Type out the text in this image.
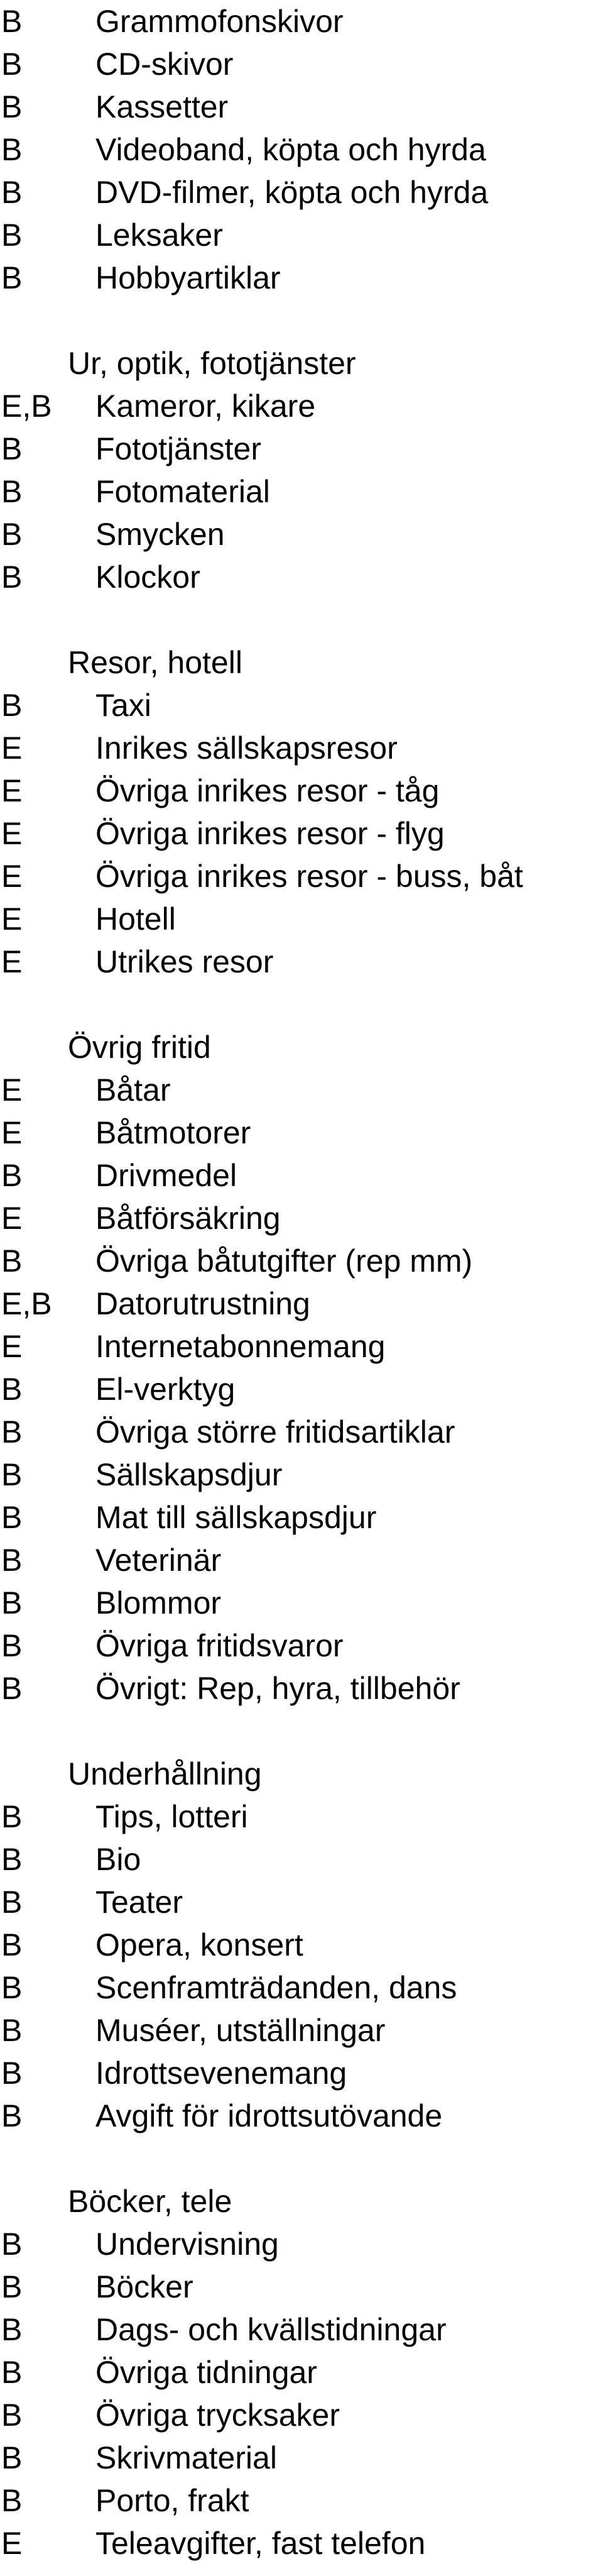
B Grammofonskivor
B CD-skivor
B Kassetter
B Videoband, köpta och hyrda
B DVD-filmer, köpta och hyrda
B Leksaker
B Hobbyartiklar
Ur, optik, fototjänster
E,B Kameror, kikare
B Fototjänster
B Fotomaterial
B Smycken
B Klockor
Resor, hotell
B Taxi
E Inrikes sällskapsresor
E Övriga inrikes resor - tåg
E Övriga inrikes resor - flyg
E Övriga inrikes resor - buss, båt
E Hotell
E Utrikes resor
Övrig fritid
E Båtar
E Båtmotorer
B Drivmedel
E Båtförsäkring
B Övriga båtutgifter (rep mm)
E,B Datorutrustning
E Internetabonnemang
B El-verktyg
B Övriga större fritidsartiklar
B Sällskapsdjur
B Mat till sällskapsdjur
B Veterinär
B Blommor
B Övriga fritidsvaror
B Övrigt: Rep, hyra, tillbehör
Underhållning
B Tips, lotteri
B Bio
B Teater
B Opera, konsert
B Scenframträdanden, dans
B Muséer, utställningar
B Idrottsevenemang
B Avgift för idrottsutövande
Böcker, tele
B Undervisning
B Böcker
B Dags- och kvällstidningar
B Övriga tidningar
B Övriga trycksaker
B Skrivmaterial
B Porto, frakt
E Teleavgifter, fast telefon
